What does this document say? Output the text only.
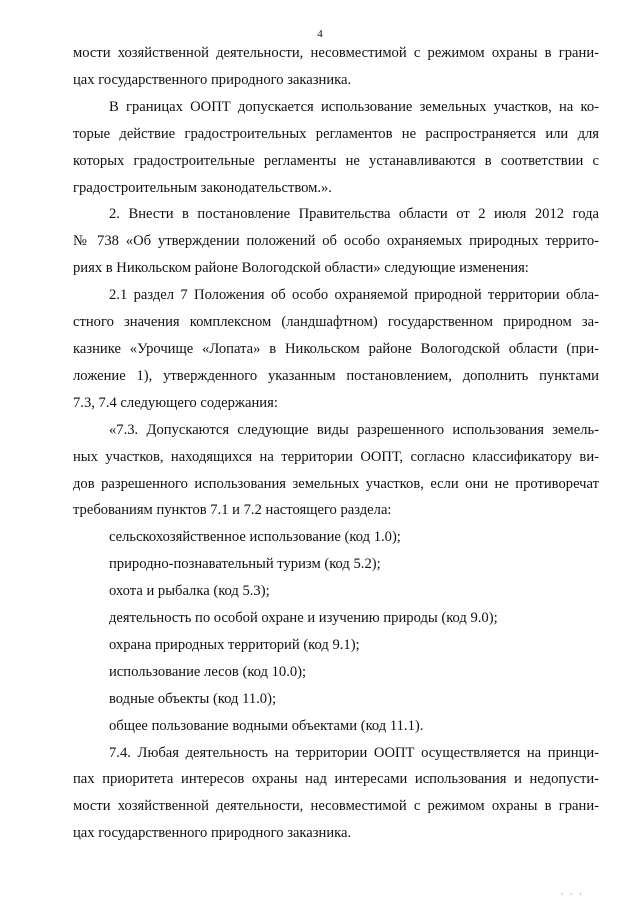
4
мости хозяйственной деятельности, несовместимой с режимом охраны в грани-
цах государственного природного заказника.
В границах ООПТ допускается использование земельных участков, на ко-
торые действие градостроительных регламентов не распространяется или для
которых градостроительные регламенты не устанавливаются в соответствии с
градостроительным законодательством.».
2. Внести в постановление Правительства области от 2 июля 2012 года
№ 738 «Об утверждении положений об особо охраняемых природных террито-
риях в Никольском районе Вологодской области» следующие изменения:
2.1 раздел 7 Положения об особо охраняемой природной территории обла-
стного значения комплексном (ландшафтном) государственном природном за-
казнике «Урочище «Лопата» в Никольском районе Вологодской области (при-
ложение 1), утвержденного указанным постановлением, дополнить пунктами
7.3, 7.4 следующего содержания:
«7.3. Допускаются следующие виды разрешенного использования земель-
ных участков, находящихся на территории ООПТ, согласно классификатору ви-
дов разрешенного использования земельных участков, если они не противоречат
требованиям пунктов 7.1 и 7.2 настоящего раздела:

сельскохозяйственное использование (код 1.0);

природно-познавательный туризм (код 5.2);

охота и рыбалка (код 5.3);

деятельность по особой охране и изучению природы (код 9.0);

охрана природных территорий (код 9.1);

использование лесов (код 10.0);

водные объекты (код 11.0);

общее пользование водными объектами (код 11.1).

7.4. Любая деятельность на территории ООПТ осуществляется на принци-
пах приоритета интересов охраны над интересами использования и недопусти-
мости хозяйственной деятельности, несовместимой с режимом охраны в грани-
цах государственного природного заказника.
· · ·
